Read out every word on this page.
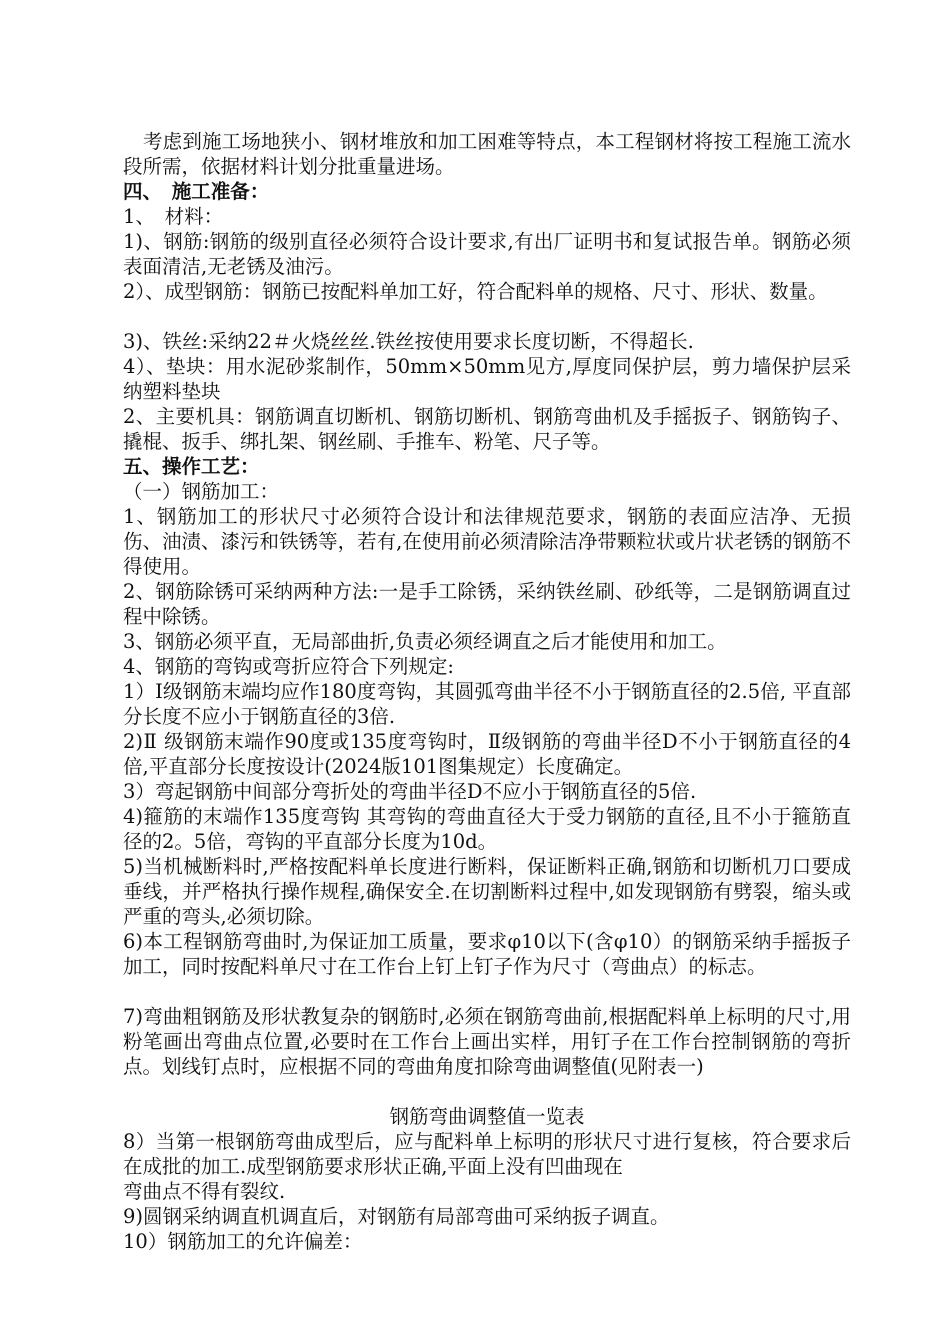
考虑到施工场地狭小、钢材堆放和加工困难等特点，本工程钢材将按工程施工流水段所需，依据材料计划分批重量进场。

四、　施工准备：

1、　材料：

1)、钢筋:钢筋的级别直径必须符合设计要求,有出厂证明书和复试报告单。钢筋必须表面清洁,无老锈及油污。

2）、成型钢筋：钢筋已按配料单加工好，符合配料单的规格、尺寸、形状、数量。

3)、铁丝:采纳22＃火烧丝丝.铁丝按使用要求长度切断，不得超长.

4）、垫块：用水泥砂浆制作，50mm×50mm见方,厚度同保护层，剪力墙保护层采纳塑料垫块

2、主要机具：钢筋调直切断机、钢筋切断机、钢筋弯曲机及手摇扳子、钢筋钩子、撬棍、扳手、绑扎架、钢丝刷、手推车、粉笔、尺子等。

五、操作工艺：

（一）钢筋加工：

1、钢筋加工的形状尺寸必须符合设计和法律规范要求，钢筋的表面应洁净、无损伤、油渍、漆污和铁锈等，若有,在使用前必须清除洁净带颗粒状或片状老锈的钢筋不得使用。

2、钢筋除锈可采纳两种方法:一是手工除锈，采纳铁丝刷、砂纸等，二是钢筋调直过程中除锈。

3、钢筋必须平直，无局部曲折,负责必须经调直之后才能使用和加工。

4、钢筋的弯钩或弯折应符合下列规定:

1）Ⅰ级钢筋末端均应作180度弯钩，其圆弧弯曲半径不小于钢筋直径的2.5倍, 平直部分长度不应小于钢筋直径的3倍.

2)Ⅱ 级钢筋末端作90度或135度弯钩时，Ⅱ级钢筋的弯曲半径D不小于钢筋直径的4倍,平直部分长度按设计(2024版101图集规定）长度确定。

3）弯起钢筋中间部分弯折处的弯曲半径D不应小于钢筋直径的5倍.

4)箍筋的末端作135度弯钩 其弯钩的弯曲直径大于受力钢筋的直径,且不小于箍筋直径的2。5倍，弯钩的平直部分长度为10d。

5)当机械断料时,严格按配料单长度进行断料，保证断料正确,钢筋和切断机刀口要成垂线，并严格执行操作规程,确保安全.在切割断料过程中,如发现钢筋有劈裂，缩头或严重的弯头,必须切除。

6)本工程钢筋弯曲时,为保证加工质量，要求φ10以下(含φ10）的钢筋采纳手摇扳子加工，同时按配料单尺寸在工作台上钉上钉子作为尺寸（弯曲点）的标志。

7)弯曲粗钢筋及形状教复杂的钢筋时,必须在钢筋弯曲前,根据配料单上标明的尺寸,用粉笔画出弯曲点位置,必要时在工作台上画出实样，用钉子在工作台控制钢筋的弯折点。划线钉点时，应根据不同的弯曲角度扣除弯曲调整值(见附表一)

钢筋弯曲调整值一览表

8）当第一根钢筋弯曲成型后，应与配料单上标明的形状尺寸进行复核，符合要求后在成批的加工.成型钢筋要求形状正确,平面上没有凹曲现在

弯曲点不得有裂纹.

9)圆钢采纳调直机调直后，对钢筋有局部弯曲可采纳扳子调直。

10）钢筋加工的允许偏差：
